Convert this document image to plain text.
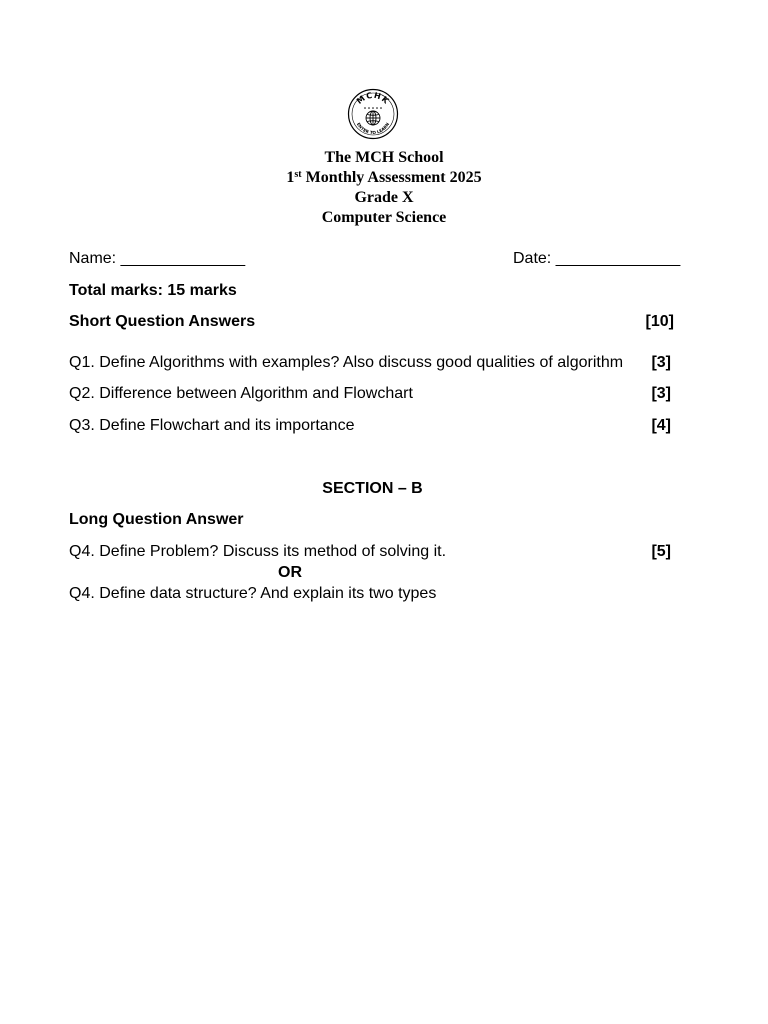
MCHK
ENTER TO LEARN
The MCH School
1st Monthly Assessment 2025
Grade X
Computer Science
Name: ______________	Date: ______________
Total marks: 15 marks
Short Question Answers	[10]
Q1. Define Algorithms with examples? Also discuss good qualities of algorithm	[3]
Q2. Difference between Algorithm and Flowchart	[3]
Q3. Define Flowchart and its importance	[4]
SECTION – B
Long Question Answer
Q4. Define Problem? Discuss its method of solving it.	[5]
OR
Q4. Define data structure? And explain its two types
